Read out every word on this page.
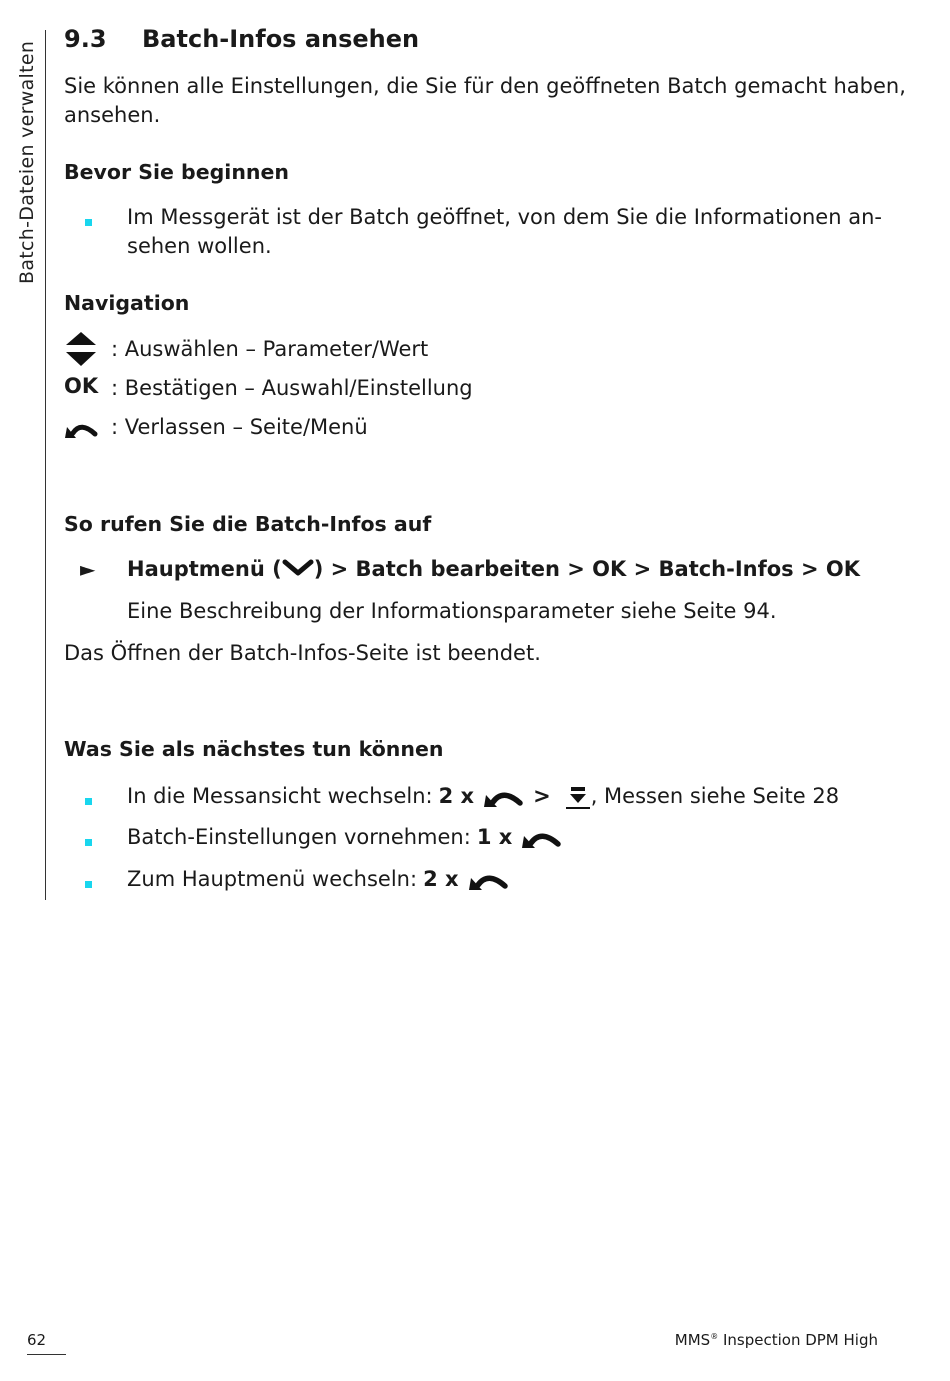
Batch-Dateien verwalten
9.3 Batch-Infos ansehen
Sie können alle Einstellungen, die Sie für den geöffneten Batch gemacht haben,
ansehen.
Bevor Sie beginnen
Im Messgerät ist der Batch geöffnet, von dem Sie die Informationen an-
sehen wollen.
Navigation
: Auswählen – Parameter/Wert
OK : Bestätigen – Auswahl/Einstellung
: Verlassen – Seite/Menü
So rufen Sie die Batch-Infos auf
► Hauptmenü ( ) > Batch bearbeiten > OK > Batch-Infos > OK
Eine Beschreibung der Informationsparameter siehe Seite 94.
Das Öffnen der Batch-Infos-Seite ist beendet.
Was Sie als nächstes tun können
In die Messansicht wechseln: 2 x	> , Messen siehe Seite 28
Batch-Einstellungen vornehmen: 1 x
Zum Hauptmenü wechseln: 2 x
62	MMS® Inspection DPM High
